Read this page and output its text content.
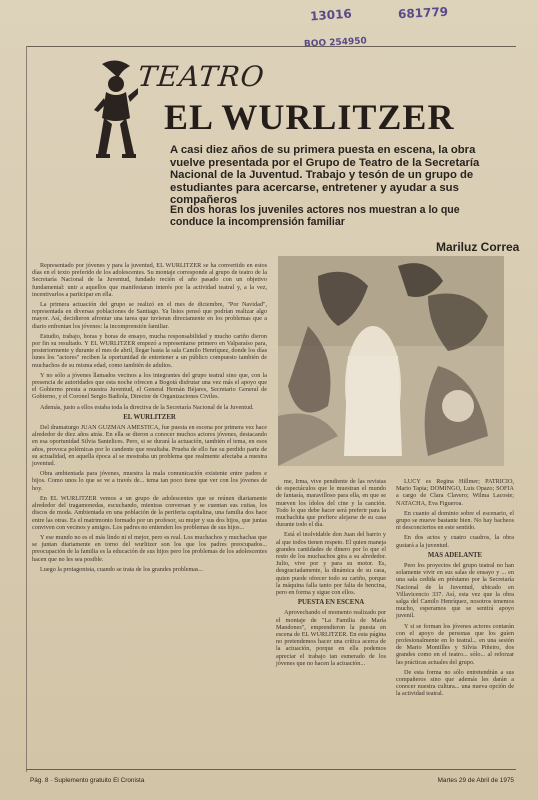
13016	681779
BOO 254950
TEATRO
EL WURLITZER
A casi diez años de su primera puesta en escena, la obra vuelve presentada por el Grupo de Teatro de la Secretaría Nacional de la Juventud. Trabajo y tesón de un grupo de estudiantes para acercarse, entretener y ayudar a sus compañeros
En dos horas los juveniles actores nos muestran a lo que conduce la incomprensión familiar
Mariluz Correa

Representado por jóvenes y para la juventud, EL WURLITZER se ha convertido en estos días en el texto preferido de los adolescentes. Su montaje corresponde al grupo de teatro de la Secretaría Nacional de la Juventud, fundado recién el año pasado con un objetivo fundamental: unir a aquellos que manifestaran interés por la actividad teatral y, a la vez, incentivarlos a participar en ella.

La primera actuación del grupo se realizó en el mes de diciembre, "Por Navidad", representada en diversas poblaciones de Santiago. Ya listos pensó que podrían realizar algo mayor. Así, decidieron afrontar una tarea que tuvieran directamente en los problemas que a diario enfrentan los jóvenes: la incomprensión familiar.

Estudio, trabajo, horas y horas de ensayo, mucha responsabilidad y mucho cariño dieron por fin su resultado. Y EL WURLITZER empezó a representarse primero en Valparaíso para, posteriormente y durante el mes de abril, llegar hasta la sala Camilo Henríquez, donde los días lunes los "actores" reciben la oportunidad de entretener a un público compuesto también de muchachos de su misma edad, como también de adultos.

Y no sólo a jóvenes llamados vecinos a los integrantes del grupo teatral sino que, con la presencia de autoridades que esta noche ofrecen a Bogotá disfrutar una vez más el apoyo que el Gobierno presta a nuestra Juventud, el General Hernán Béjares, Secretario General de Gobierno, y el Coronel Sergio Badiola, Director de Organizaciones Civiles.

Además, justo a ellos estaba toda la directiva de la Secretaría Nacional de la Juventud.

EL WURLITZER

Del dramaturgo JUAN GUZMAN AMESTICA, fue puesta en escena por primera vez hace alrededor de diez años atrás. En ella se dieron a conocer muchos actores jóvenes, destacando en esa oportunidad Silvia Santelices. Pero, si se durará la actuación, también el tema, en esos años, provoca polémicas por lo candente que resultaba. Prueba de ello fue su perdido parte de su actualidad, en aquella época al se mostraba un problema que realmente afectaba a nuestra juventud.

Obra ambientada para jóvenes, muestra la mala comunicación existente entre padres e hijos. Como unos lo que se ve a través de... tema tan poco tiene que ver con los jóvenes de hoy.

En EL WURLITZER vemos a un grupo de adolescentes que se reúnen diariamente alrededor del tragamonedas, escuchando, mientras conversan y se cuentan sus cuitas, los discos de moda. Ambientada en una población de la periferia capitalina, una familia dos hace entre las otras. Es el matrimonio formado por un profesor, su mujer y sus dos hijos, que juntas conviven con vecinos y amigos. Los padres no entienden los problemas de sus hijos...

Y ese mundo no es el más lindo ni el mejor, pero es real. Los muchachos y muchachas que se juntan diariamente en torno del wurlitzer son los que los padres preocupados... preocupación de la familia es la educación de sus hijos pero los problemas de los adolescentes hacen que no les sea posible.

Luego la protagonista, cuando se trata de los grandes problemas...

me, Irma, vive pendiente de las revistas de espectáculos que le muestran el mundo de fantasía, maravilloso para ella, en que se mueven los ídolos del cine y la canción. Todo lo que debe hacer será preferir para la muchachita que prefiere alejarse de su casa durante todo el día.

Está el inolvidable don Juan del barrio y al que todos tienen respeto. El quien maneja grandes cantidades de dinero por lo que el resto de los muchachos gira a su alrededor. Julio, vive por y para su motor. Es, desgraciadamente, la dinámica de su casa, quien puede ofrecer todo su cariño, porque la máquina falla tanto por falta de bencina, pero en forma y sigue con ellos.

PUESTA EN ESCENA

Aprovechando el momento realizado por el montaje de "La Familia de María Mandones", emprendieron la puesta en escena de EL WURLITZER. En esta página no pretendemos hacer una crítica acerca de la actuación, porque en ella podemos apreciar el trabajo tan esmerado de los jóvenes que no hacen la actuación...

LUCY es Regina Hillmer; PATRICIO, Mario Tapia; DOMINGO, Luis Opazo; SOFIA a cargo de Clara Clavero; Wilma Lacoste; NATACHA, Eva Figueroa.

En cuanto al dominio sobre el escenario, el grupo se mueve bastante bien. No hay bacheos ni desconciertos en este sentido.

En dos actos y cuatro cuadros, la obra gustará a la juventud.

MAS ADELANTE

Pero los proyectos del grupo teatral no han solamente vivir en sus salas de ensayo y ... en una sala cedida en préstamo por la Secretaría Nacional de la Juventud, ubicado en Villavicencio 337. Así, esta vez que la obra salga del Camilo Henríquez, nosotros tenemos mucho, esperamos que se sentirá apoyo juvenil.

Y si se forman los jóvenes actores contarán con el apoyo de personas que los guíen profesionalmente en lo teatral... en una sesión de Mario Montilles y Silvia Piñeiro, dos grandes como en el teatro... sólo... al reforzar las prácticas actuales del grupo.

De esta forma no sólo entretendrán a sus compañeros sino que además les darán a conocer nuestra cultura... una nueva opción de la actividad teatral.

Pág. 8 · Suplemento gratuito El Cronista	Martes 29 de Abril de 1975
